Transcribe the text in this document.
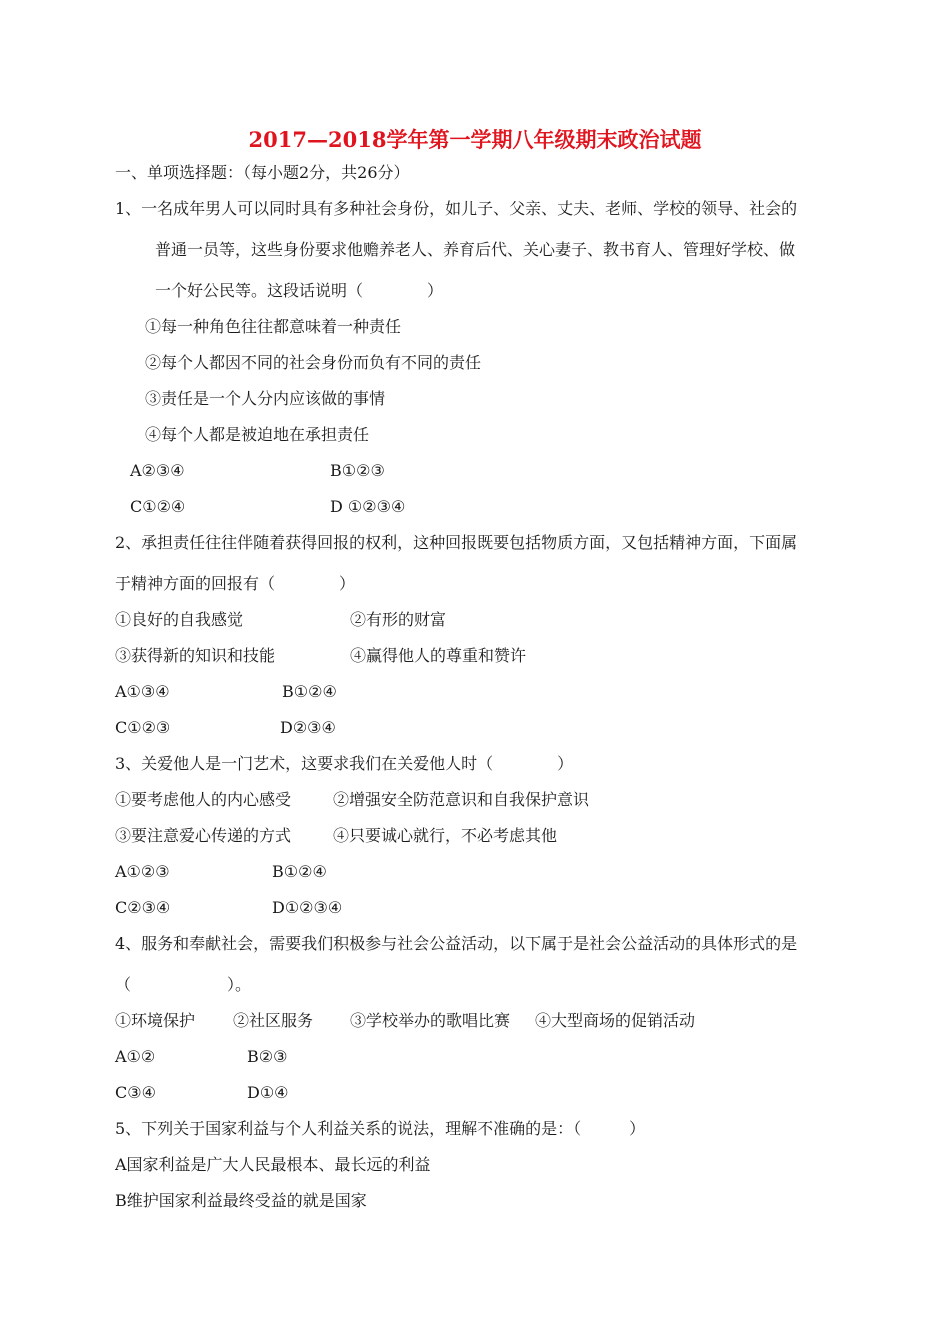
2017—2018学年第一学期八年级期末政治试题
一、单项选择题：（每小题2分，共26分）
1、一名成年男人可以同时具有多种社会身份，如儿子、父亲、丈夫、老师、学校的领导、社会的
普通一员等，这些身份要求他赡养老人、养育后代、关心妻子、教书育人、管理好学校、做
一个好公民等。这段话说明（　　　　）
①每一种角色往往都意味着一种责任
②每个人都因不同的社会身份而负有不同的责任
③责任是一个人分内应该做的事情
④每个人都是被迫地在承担责任
A②③④	B①②③
C①②④	D ①②③④
2、承担责任往往伴随着获得回报的权利，这种回报既要包括物质方面，又包括精神方面，下面属
于精神方面的回报有（　　　　）
①良好的自我感觉	②有形的财富
③获得新的知识和技能	④赢得他人的尊重和赞许
A①③④	B①②④
C①②③	D②③④
3、关爱他人是一门艺术，这要求我们在关爱他人时（　　　　）
①要考虑他人的内心感受	②增强安全防范意识和自我保护意识
③要注意爱心传递的方式	④只要诚心就行，不必考虑其他
A①②③	B①②④
C②③④	D①②③④
4、服务和奉献社会，需要我们积极参与社会公益活动，以下属于是社会公益活动的具体形式的是
（　　　　　　）。
①环境保护 ②社区服务 ③学校举办的歌唱比赛 ④大型商场的促销活动
A①②	B②③
C③④	D①④
5、下列关于国家利益与个人利益关系的说法，理解不准确的是：（　　　）
A国家利益是广大人民最根本、最长远的利益
B维护国家利益最终受益的就是国家
